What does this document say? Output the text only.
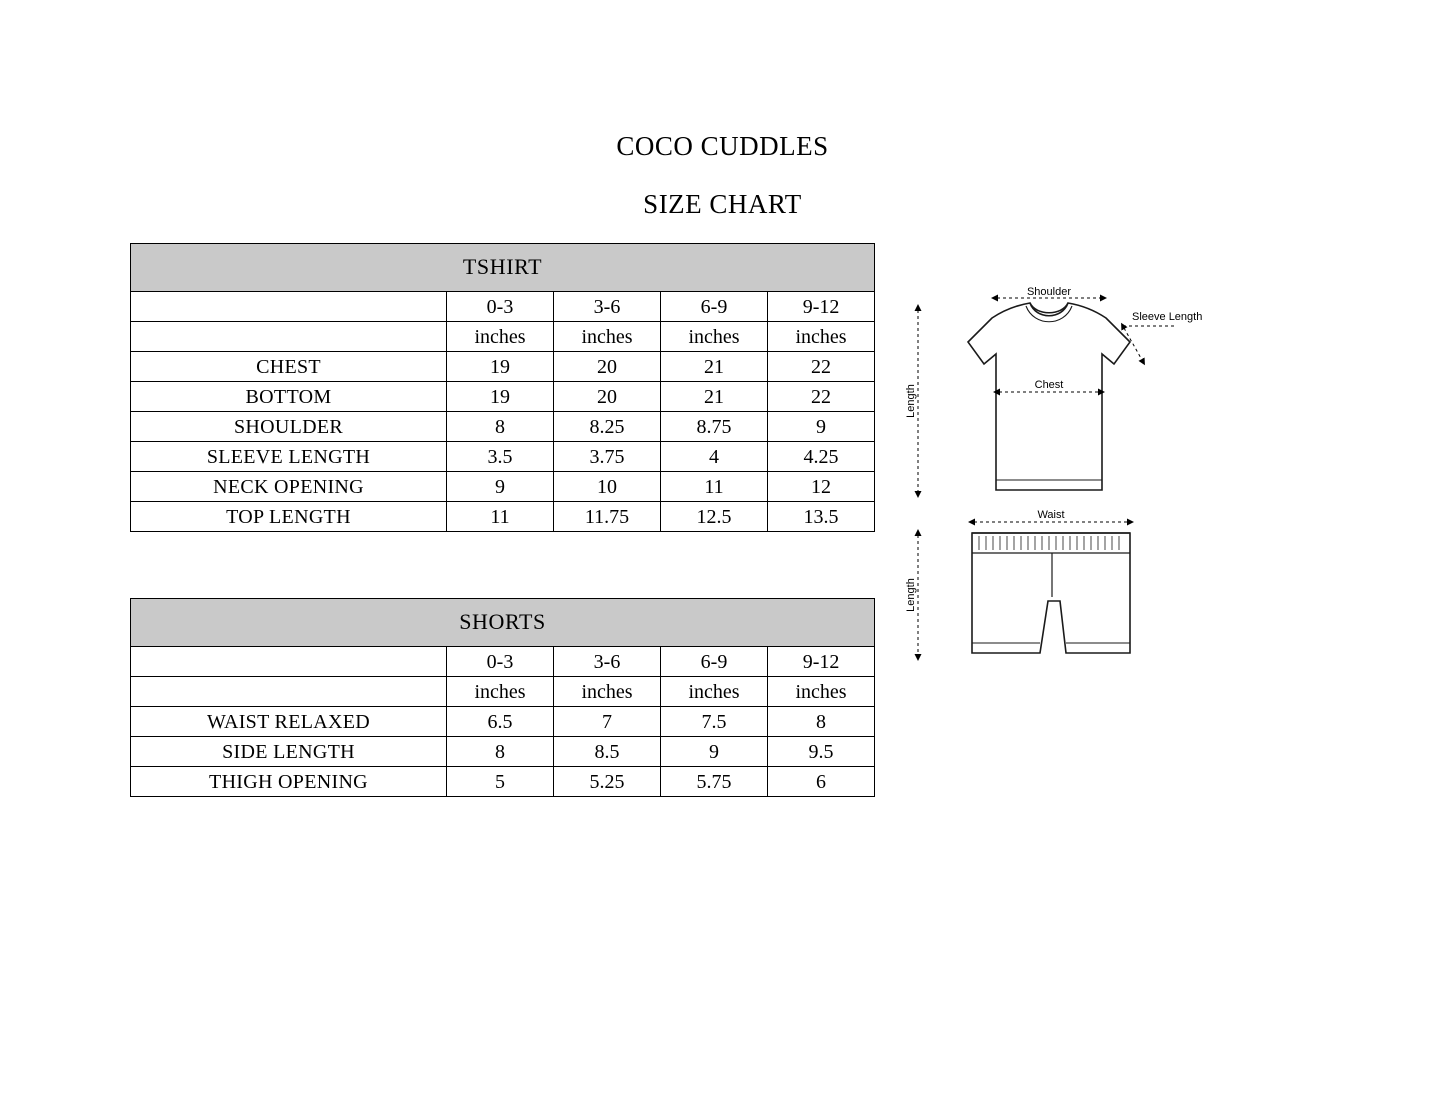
COCO CUDDLES
SIZE CHART
TSHIRT				
	0-3	3-6	6-9	9-12
	inches	inches	inches	inches
CHEST	19	20	21	22
BOTTOM	19	20	21	22
SHOULDER	8	8.25	8.75	9
SLEEVE LENGTH	3.5	3.75	4	4.25
NECK OPENING	9	10	11	12
TOP LENGTH	11	11.75	12.5	13.5
SHORTS				
	0-3	3-6	6-9	9-12
	inches	inches	inches	inches
WAIST RELAXED	6.5	7	7.5	8
SIDE LENGTH	8	8.5	9	9.5
THIGH OPENING	5	5.25	5.75	6
Shoulder
Sleeve Length
Chest
Length
Waist
Length
